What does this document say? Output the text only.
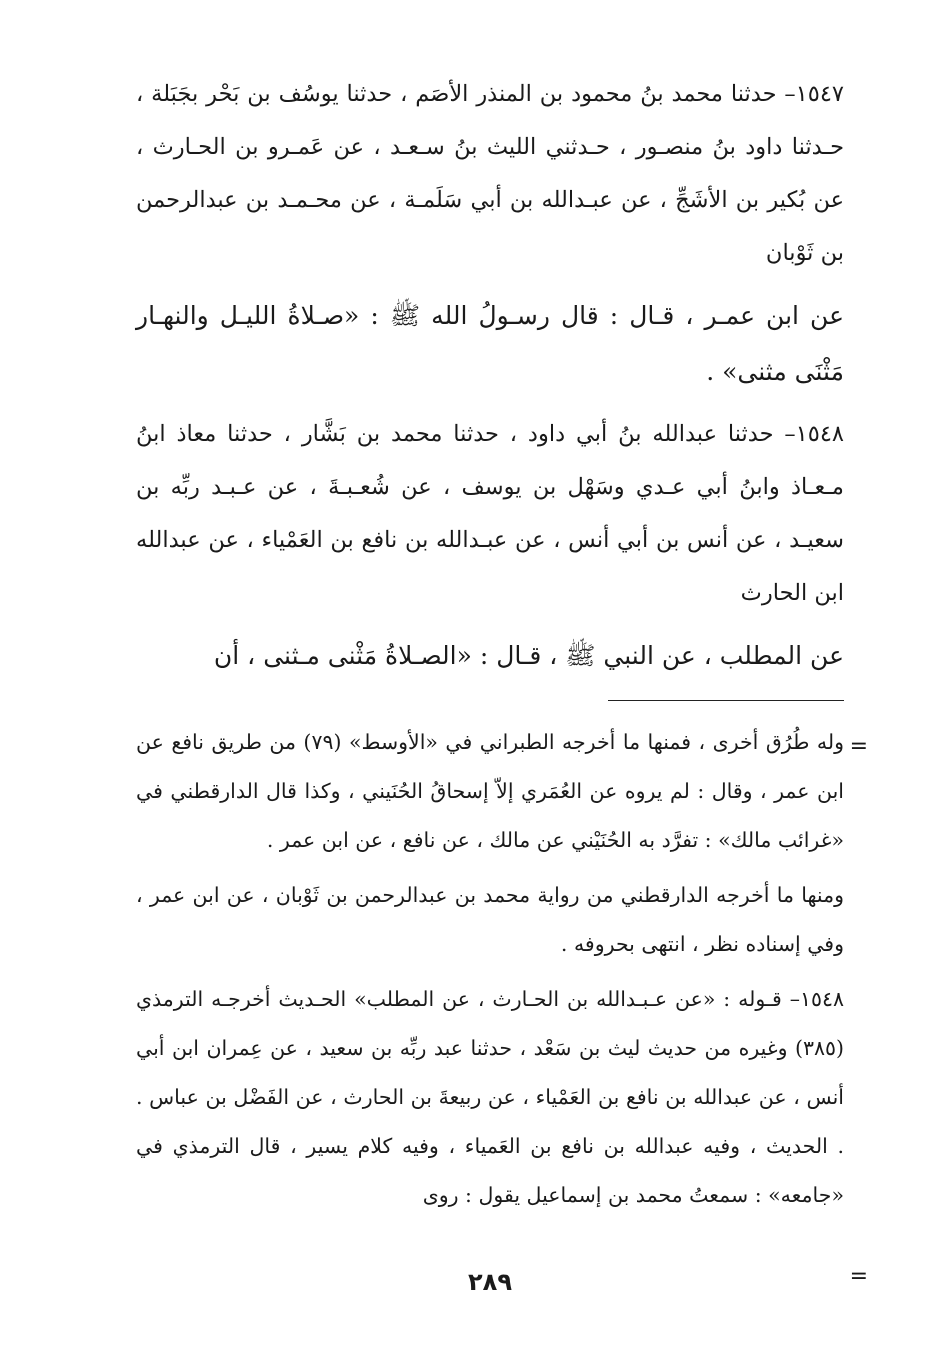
١٥٤٧– حدثنا محمد بنُ محمود بن المنذر الأصَم ، حدثنا يوسُف بن بَحْر بجَبَلة ، حـدثنا داود بنُ منصـور ، حـدثني الليث بنُ سـعـد ، عن عَمـرو بن الحـارث ، عن بُكير بن الأشَجِّ ، عن عبـدالله بن أبي سَلَمـة ، عن محـمـد بن عبدالرحمن بن ثَوْبان

عن ابن عمـر ، قـال : قال رسـولُ الله ﷺ : «صـلاةُ الليـل والنهـار مَثْنَى مثنى» .

١٥٤٨– حدثنا عبدالله بنُ أبي داود ، حدثنا محمد بن بَشَّار ، حدثنا معاذ ابنُ مـعـاذ وابنُ أبي عـدي وسَهْل بن يوسف ، عن شُعـبـةَ ، عن عـبـد ربِّه بن سعيـد ، عن أنس بن أبي أنس ، عن عبـدالله بن نافع بن العَمْياء ، عن عبدالله ابن الحارث

عن المطلب ، عن النبي ﷺ ، قـال : «الصـلاةُ مَثْنى مـثنى ، أن

=

وله طُرُق أخرى ، فمنها ما أخرجه الطبراني في «الأوسط» (٧٩) من طريق نافع عن ابن عمر ، وقال : لم يروه عن العُمَري إلاّ إسحاقُ الحُنَيني ، وكذا قال الدارقطني في «غرائب مالك» : تفرَّد به الحُنَيْني عن مالك ، عن نافع ، عن ابن عمر .

ومنها ما أخرجه الدارقطني من رواية محمد بن عبدالرحمن بن ثَوْبان ، عن ابن عمر ، وفي إسناده نظر ، انتهى بحروفه .

١٥٤٨– قـوله : «عن عـبـدالله بن الحـارث ، عن المطلب» الحـديث أخرجـه الترمذي (٣٨٥) وغيره من حديث ليث بن سَعْد ، حدثنا عبد ربِّه بن سعيد ، عن عِمران ابن أبي أنس ، عن عبدالله بن نافع بن العَمْياء ، عن ربيعةَ بن الحارث ، عن الفَضْل بن عباس . . الحديث ، وفيه عبدالله بن نافع بن العَمياء ، وفيه كلام يسير ، قال الترمذي في «جامعه» : سمعتُ محمد بن إسماعيل يقول : روى

=
٢٨٩
